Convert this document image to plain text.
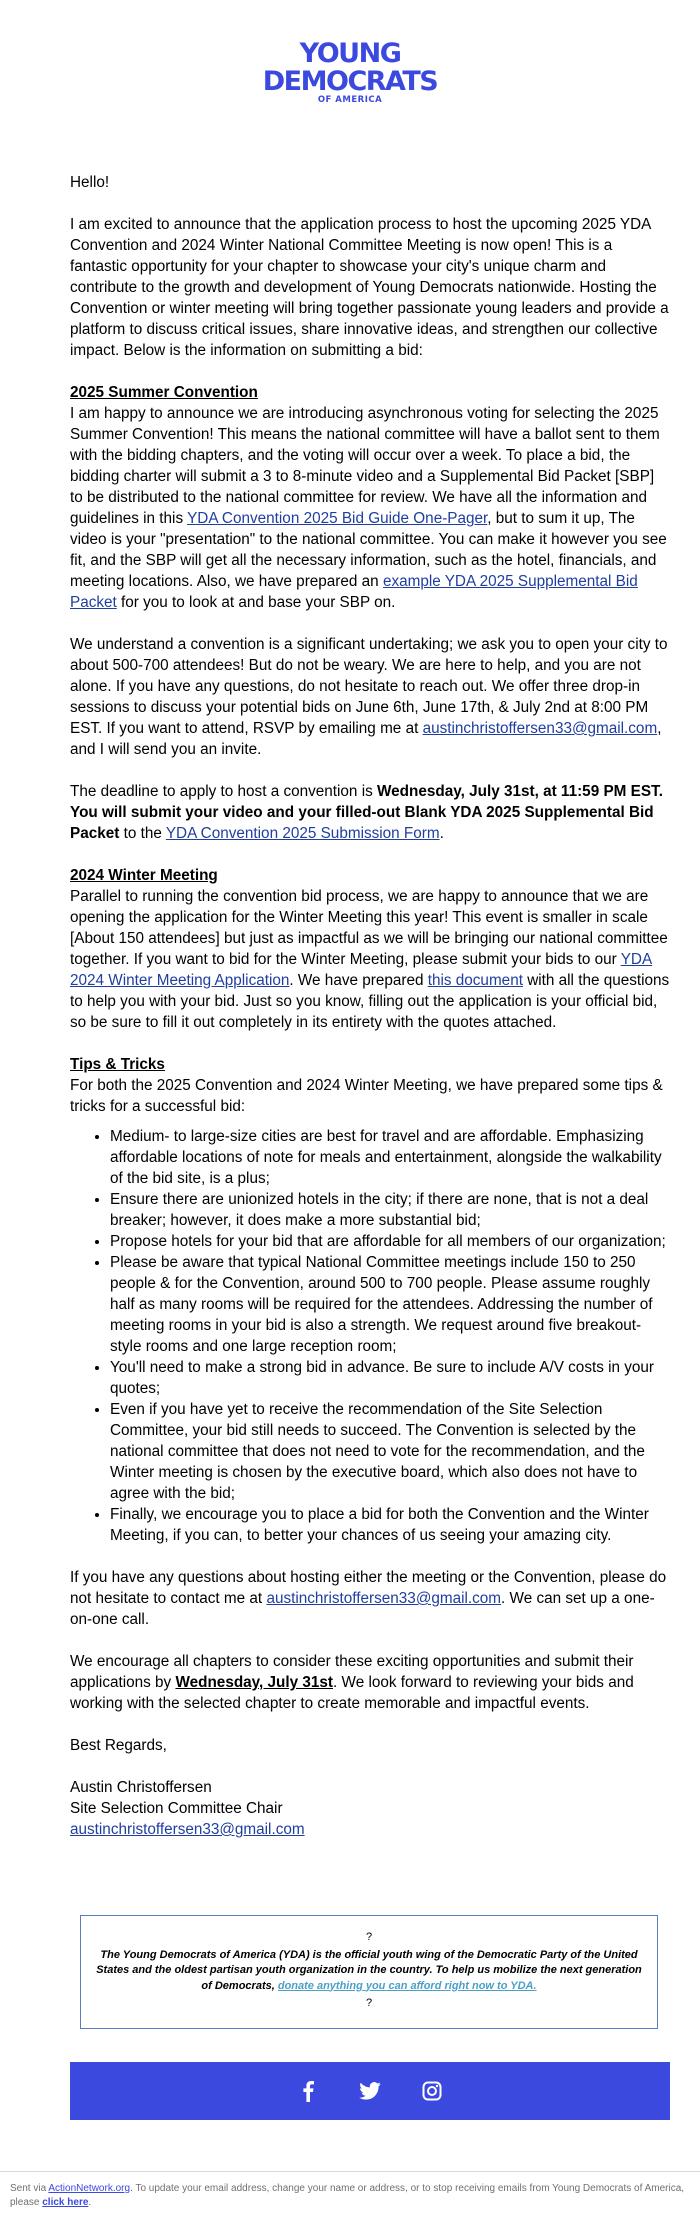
YOUNG
DEMOCRATS
OF AMERICA

Hello!

I am excited to announce that the application process to host the upcoming 2025 YDA Convention and 2024 Winter National Committee Meeting is now open! This is a fantastic opportunity for your chapter to showcase your city's unique charm and contribute to the growth and development of Young Democrats nationwide. Hosting the Convention or winter meeting will bring together passionate young leaders and provide a platform to discuss critical issues, share innovative ideas, and strengthen our collective impact. Below is the information on submitting a bid:

2025 Summer Convention

I am happy to announce we are introducing asynchronous voting for selecting the 2025 Summer Convention! This means the national committee will have a ballot sent to them with the bidding chapters, and the voting will occur over a week. To place a bid, the bidding charter will submit a 3 to 8-minute video and a Supplemental Bid Packet [SBP] to be distributed to the national committee for review. We have all the information and guidelines in this YDA Convention 2025 Bid Guide One-Pager, but to sum it up, The video is your "presentation" to the national committee. You can make it however you see fit, and the SBP will get all the necessary information, such as the hotel, financials, and meeting locations. Also, we have prepared an example YDA 2025 Supplemental Bid Packet for you to look at and base your SBP on.

We understand a convention is a significant undertaking; we ask you to open your city to about 500-700 attendees! But do not be weary. We are here to help, and you are not alone. If you have any questions, do not hesitate to reach out. We offer three drop-in sessions to discuss your potential bids on June 6th, June 17th, & July 2nd at 8:00 PM EST. If you want to attend, RSVP by emailing me at austinchristoffersen33@gmail.com, and I will send you an invite.

The deadline to apply to host a convention is Wednesday, July 31st, at 11:59 PM EST. You will submit your video and your filled-out Blank YDA 2025 Supplemental Bid Packet to the YDA Convention 2025 Submission Form.

2024 Winter Meeting

Parallel to running the convention bid process, we are happy to announce that we are opening the application for the Winter Meeting this year! This event is smaller in scale [About 150 attendees] but just as impactful as we will be bringing our national committee together. If you want to bid for the Winter Meeting, please submit your bids to our YDA 2024 Winter Meeting Application. We have prepared this document with all the questions to help you with your bid. Just so you know, filling out the application is your official bid, so be sure to fill it out completely in its entirety with the quotes attached.

Tips & Tricks
For both the 2025 Convention and 2024 Winter Meeting, we have prepared some tips & tricks for a successful bid:
• Medium- to large-size cities are best for travel and are affordable. Emphasizing affordable locations of note for meals and entertainment, alongside the walkability of the bid site, is a plus;
• Ensure there are unionized hotels in the city; if there are none, that is not a deal breaker; however, it does make a more substantial bid;
• Propose hotels for your bid that are affordable for all members of our organization;
• Please be aware that typical National Committee meetings include 150 to 250 people & for the Convention, around 500 to 700 people. Please assume roughly half as many rooms will be required for the attendees. Addressing the number of meeting rooms in your bid is also a strength. We request around five breakout-style rooms and one large reception room;
• You'll need to make a strong bid in advance. Be sure to include A/V costs in your quotes;
• Even if you have yet to receive the recommendation of the Site Selection Committee, your bid still needs to succeed. The Convention is selected by the national committee that does not need to vote for the recommendation, and the Winter meeting is chosen by the executive board, which also does not have to agree with the bid;
• Finally, we encourage you to place a bid for both the Convention and the Winter Meeting, if you can, to better your chances of us seeing your amazing city.

If you have any questions about hosting either the meeting or the Convention, please do not hesitate to contact me at austinchristoffersen33@gmail.com. We can set up a one-on-one call.

We encourage all chapters to consider these exciting opportunities and submit their applications by Wednesday, July 31st. We look forward to reviewing your bids and working with the selected chapter to create memorable and impactful events.

Best Regards,

Austin Christoffersen
Site Selection Committee Chair
austinchristoffersen33@gmail.com
?
The Young Democrats of America (YDA) is the official youth wing of the Democratic Party of the United States and the oldest partisan youth organization in the country. To help us mobilize the next generation of Democrats, donate anything you can afford right now to YDA.
?
Sent via ActionNetwork.org. To update your email address, change your name or address, or to stop receiving emails from Young Democrats of America, please click here.
